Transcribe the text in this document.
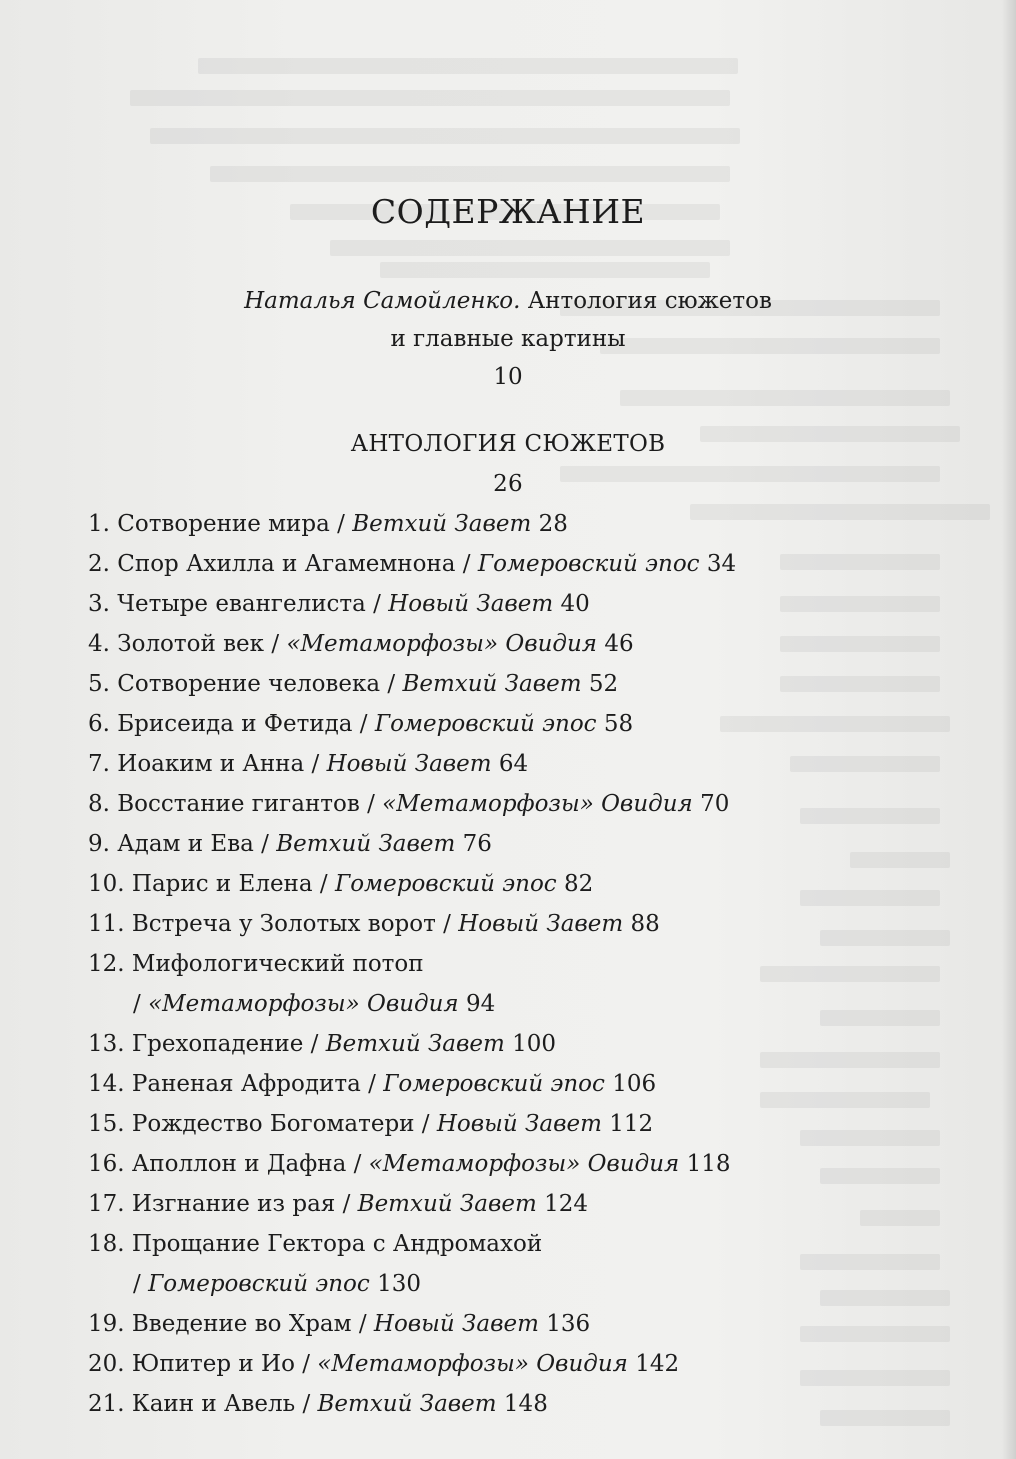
СОДЕРЖАНИЕ
Наталья Самойленко. Антология сюжетов
и главные картины
10
АНТОЛОГИЯ СЮЖЕТОВ
26
1. Сотворение мира / Ветхий Завет 28
2. Спор Ахилла и Агамемнона / Гомеровский эпос 34
3. Четыре евангелиста / Новый Завет 40
4. Золотой век / «Метаморфозы» Овидия 46
5. Сотворение человека / Ветхий Завет 52
6. Брисеида и Фетида / Гомеровский эпос 58
7. Иоаким и Анна / Новый Завет 64
8. Восстание гигантов / «Метаморфозы» Овидия 70
9. Адам и Ева / Ветхий Завет 76
10. Парис и Елена / Гомеровский эпос 82
11. Встреча у Золотых ворот / Новый Завет 88
12. Мифологический потоп
/ «Метаморфозы» Овидия 94
13. Грехопадение / Ветхий Завет 100
14. Раненая Афродита / Гомеровский эпос 106
15. Рождество Богоматери / Новый Завет 112
16. Аполлон и Дафна / «Метаморфозы» Овидия 118
17. Изгнание из рая / Ветхий Завет 124
18. Прощание Гектора с Андромахой
/ Гомеровский эпос 130
19. Введение во Храм / Новый Завет 136
20. Юпитер и Ио / «Метаморфозы» Овидия 142
21. Каин и Авель / Ветхий Завет 148
